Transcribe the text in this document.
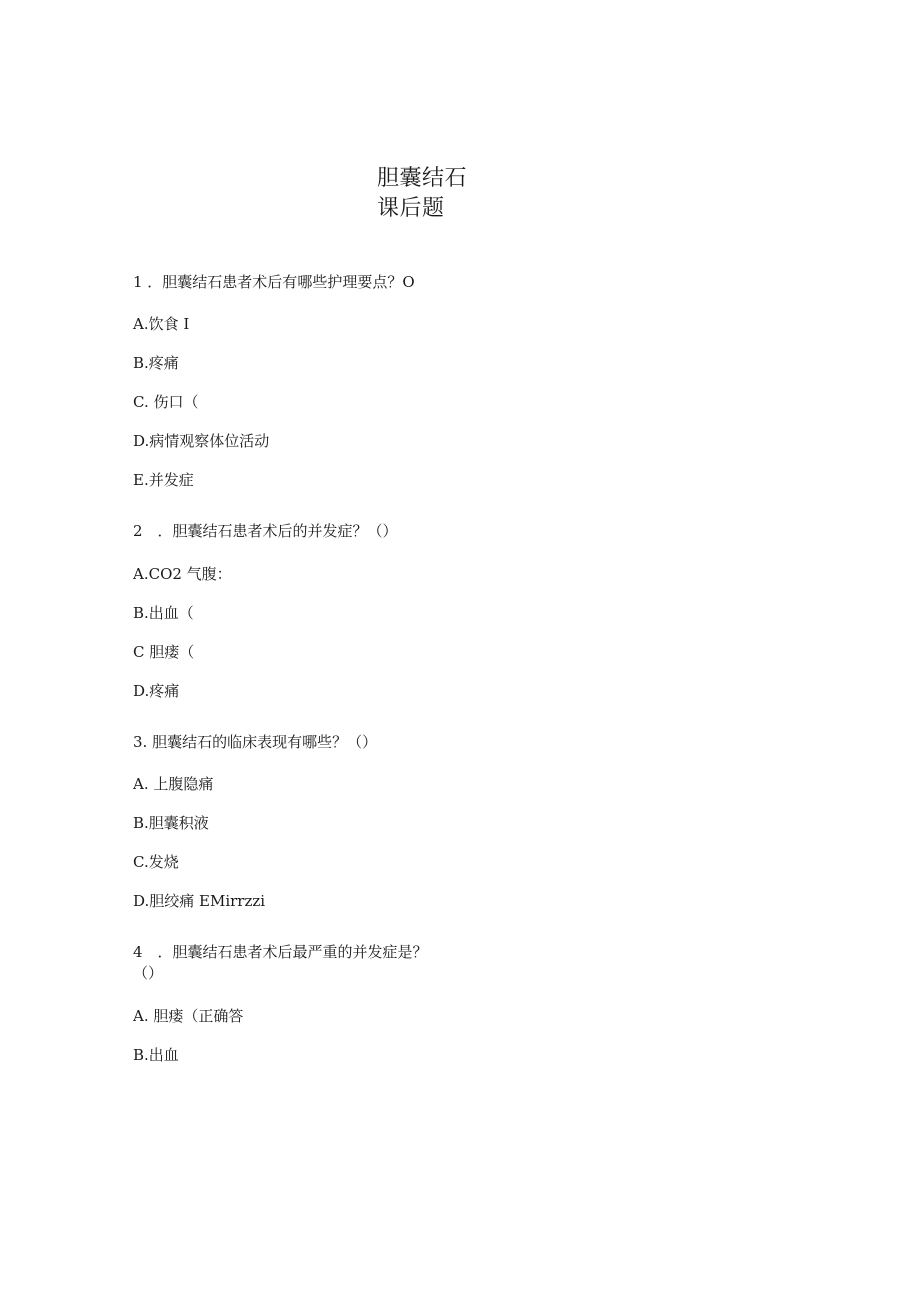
胆囊结石
课后题
1 ．胆囊结石患者术后有哪些护理要点？O
A.饮食 I
B.疼痛
C. 伤口（
D.病情观察体位活动
E.并发症
2　．胆囊结石患者术后的并发症？（）
A.CO2 气腹：
B.出血（
C 胆瘘（
D.疼痛
3. 胆囊结石的临床表现有哪些？（）
A. 上腹隐痛
B.胆囊积液
C.发烧
D.胆绞痛 EMirrzzi
4　．胆囊结石患者术后最严重的并发症是？
（）
A. 胆瘘（正确答
B.出血
